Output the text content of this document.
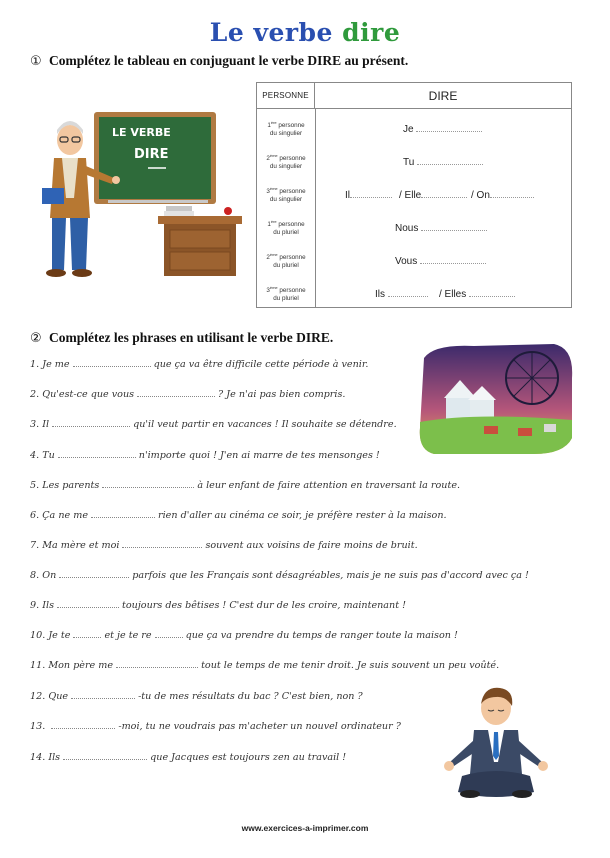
Le verbe dire
① Complétez le tableau en conjuguant le verbe DIRE au présent.
LE VERBE
DIRE
PERSONNE	DIRE
1ère personne
du singulier	Je
2ème personne
du singulier	Tu
3ème personne
du singulier	Il	/ Elle	/ On
1ère personne
du pluriel	Nous
2ème personne
du pluriel	Vous
3ème personne
du pluriel	Ils	/ Elles
② Complétez les phrases en utilisant le verbe DIRE.
1. Je me	que ça va être difficile cette période à venir.
2. Qu'est-ce que vous	? Je n'ai pas bien compris.
3. Il	qu'il veut partir en vacances ! Il souhaite se détendre.
4. Tu	n'importe quoi ! J'en ai marre de tes mensonges !
5. Les parents	à leur enfant de faire attention en traversant la route.
6. Ça ne me	rien d'aller au cinéma ce soir, je préfère rester à la maison.
7. Ma mère et moi	souvent aux voisins de faire moins de bruit.
8. On	parfois que les Français sont désagréables, mais je ne suis pas d'accord avec ça !
9. Ils	toujours des bêtises ! C'est dur de les croire, maintenant !
10. Je te	et je te re	que ça va prendre du temps de ranger toute la maison !
11. Mon père me	tout le temps de me tenir droit. Je suis souvent un peu voûté.
12. Que	-tu de mes résultats du bac ? C'est bien, non ?
13.	-moi, tu ne voudrais pas m'acheter un nouvel ordinateur ?
14. Ils	que Jacques est toujours zen au travail !
www.exercices-a-imprimer.com
